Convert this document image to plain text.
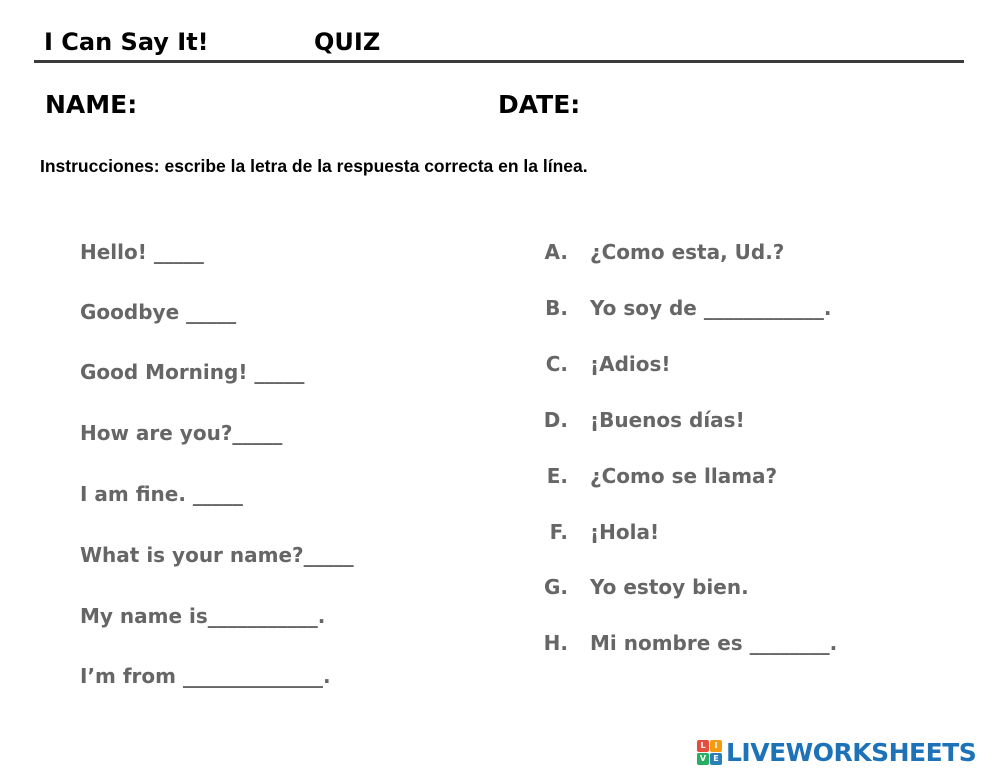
I Can Say It!	QUIZ
NAME:	DATE:
Instrucciones: escribe la letra de la respuesta correcta en la línea.
Hello! _____
Goodbye _____
Good Morning! _____
How are you?_____
I am fine. _____
What is your name?_____
My name is___________.
I’m from ______________.
A. ¿Como esta, Ud.?
B. Yo soy de ____________.
C. ¡Adios!
D. ¡Buenos días!
E. ¿Como se llama?
F. ¡Hola!
G. Yo estoy bien.
H. Mi nombre es ________.
L	I
V E LIVEWORKSHEETS
